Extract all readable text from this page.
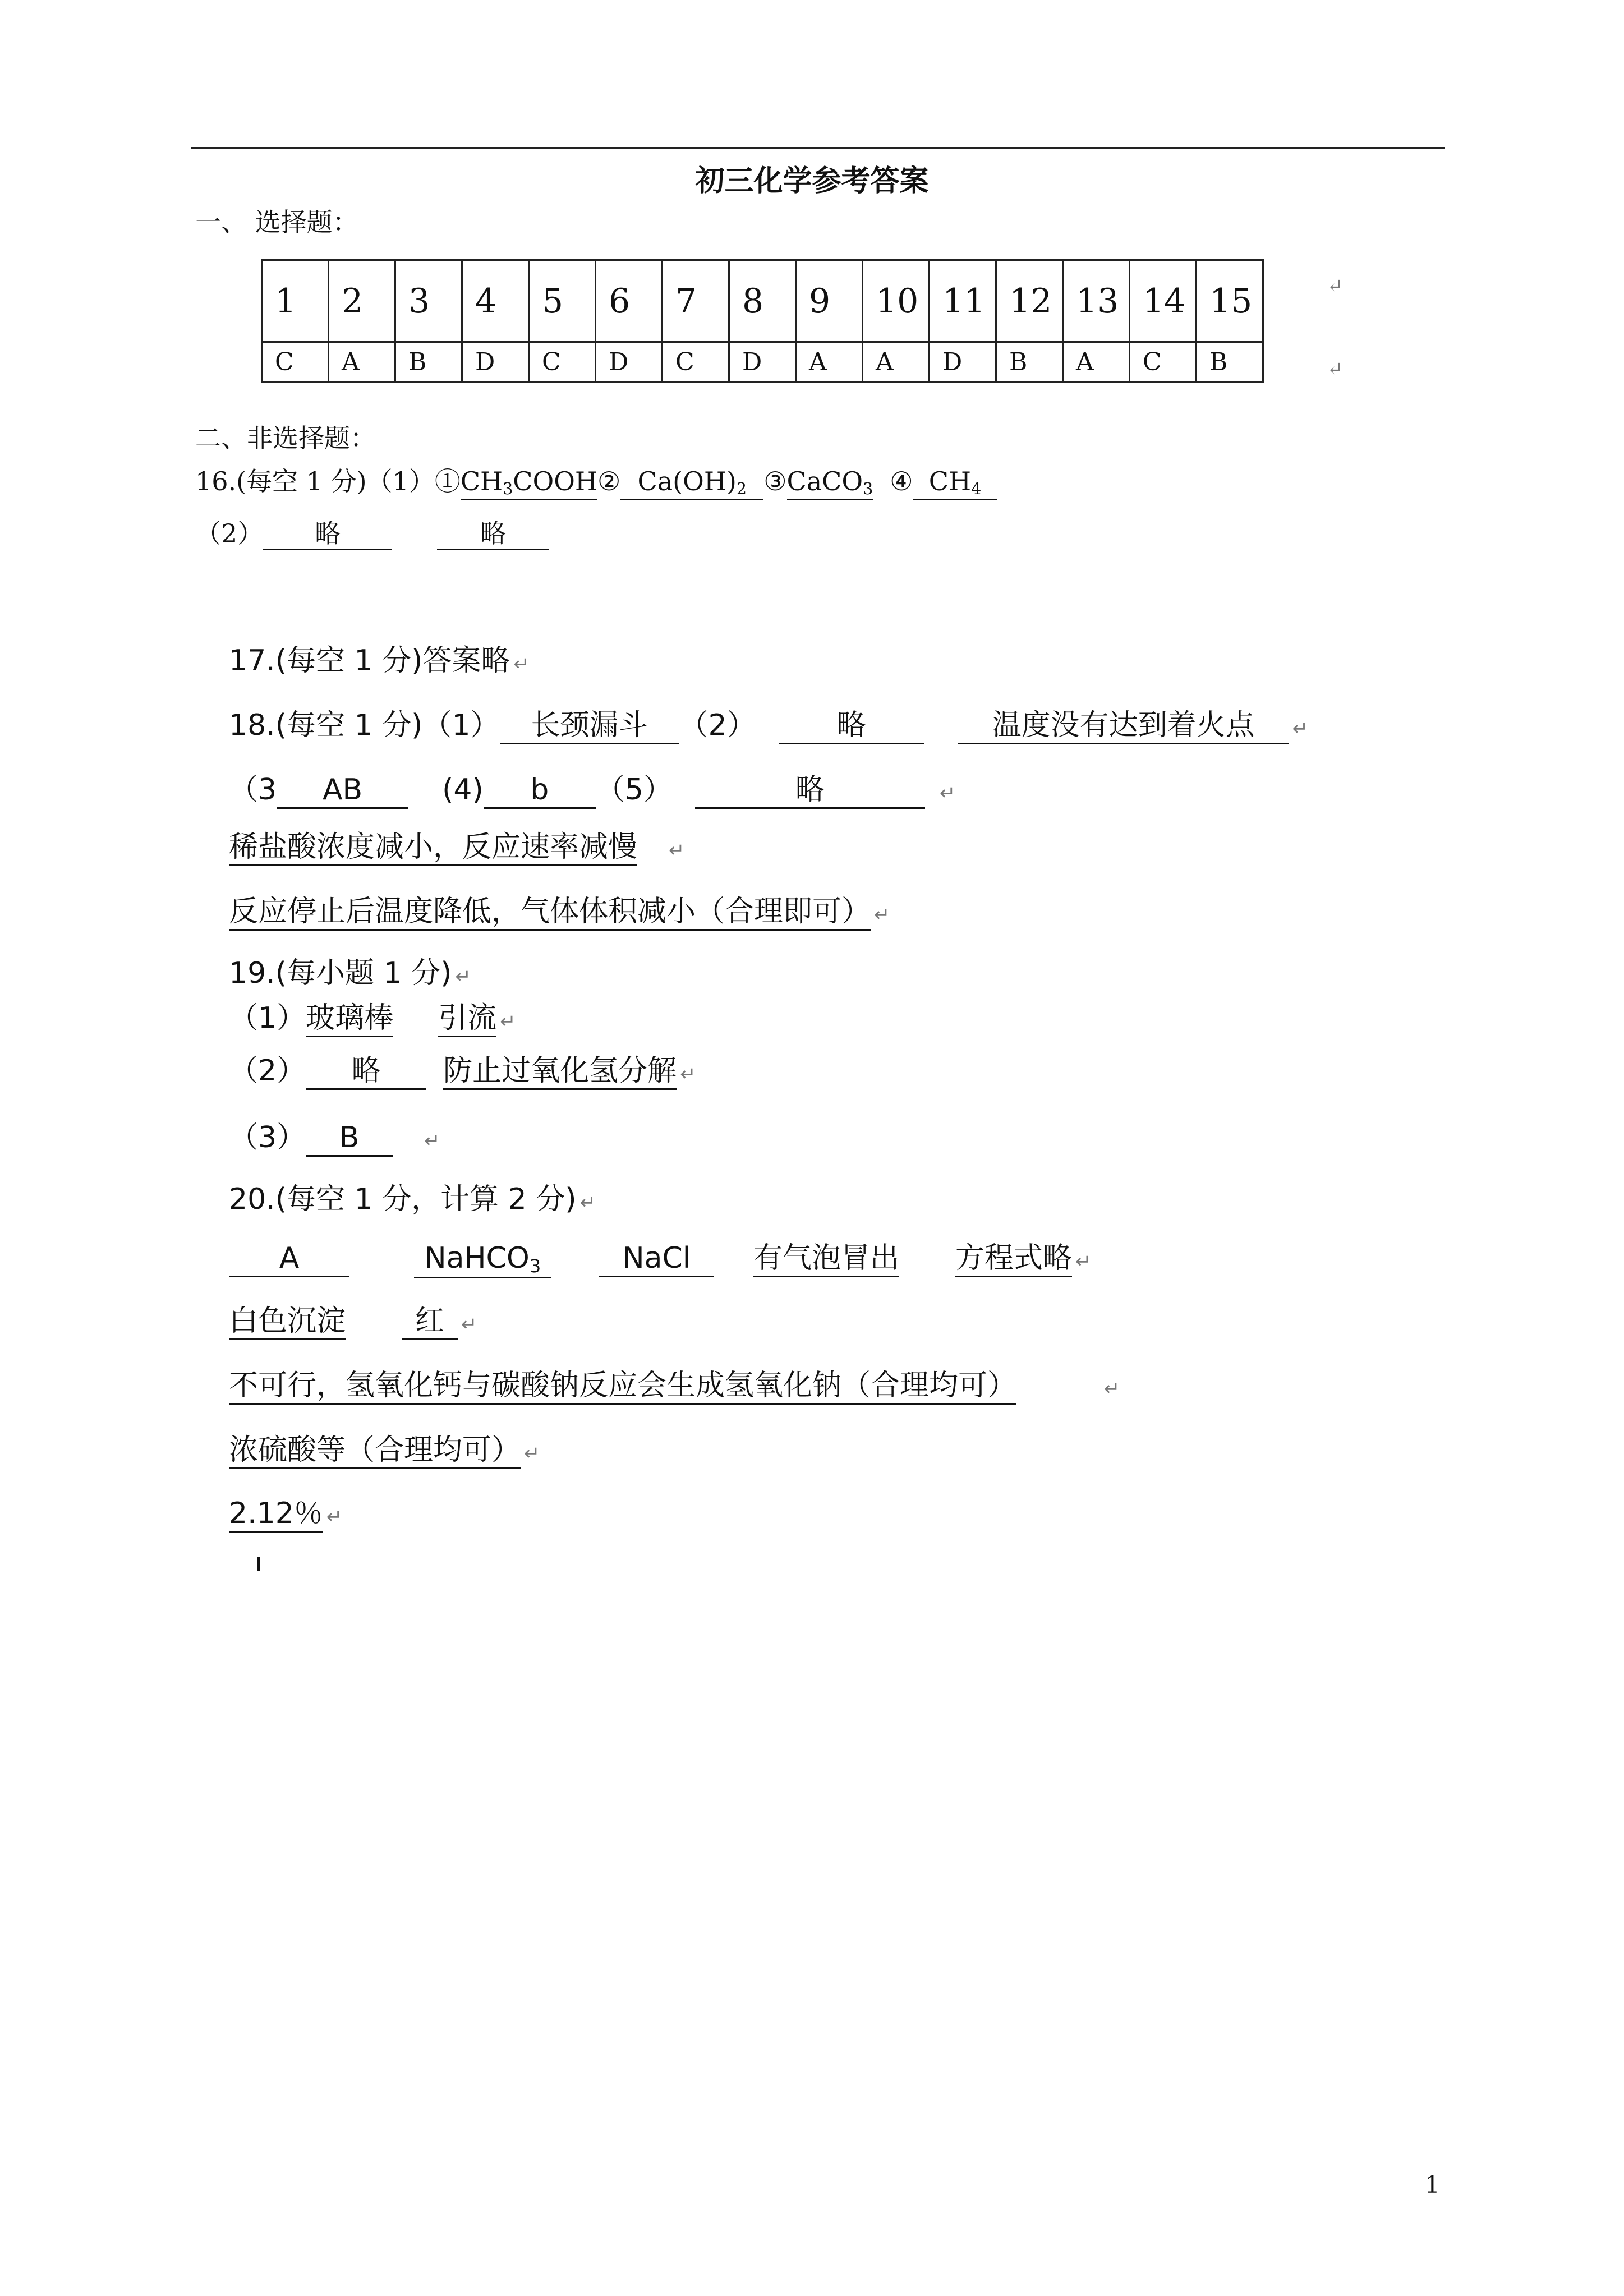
初三化学参考答案
一、 选择题：
1	2	3	4	5	6	7	8	9	10	11	12	13	14	15
C	A	B	D	C	D	C	D	A	A	D	B	A	C	B
↵
↵
二、非选择题：
16.(每空 1 分)$(1)①CH_3COOH②$ $Ca(OH)_2$ ③CaCO$_3$ ④ $CH_4$
（2） 略	略
17.(每空 1 分)答案略 ↵
18.(每空 1 分)（1） 长颈漏斗 （2）	略	温度没有达到着火点 ↵
（3 AB	(4) b （5）	略	↵
稀盐酸浓度减小，反应速率减慢 ↵
反应停止后温度降低，气体体积减小（合理即可） ↵
19.(每小题 1 分) ↵
（1）玻璃棒 引流 ↵
（2） 略 防止过氧化氢分解 ↵
（3） B	↵
20.(每空 1 分，计算 2 分) ↵
A	NaHCO$_3$	NaCl 有气泡冒出 方程式略 ↵
白色沉淀 红 ↵
不可行，氢氧化钙与碳酸钠反应会生成氢氧化钠（合理均可）	↵
浓硫酸等（合理均可） ↵
2.12％ ↵
1
